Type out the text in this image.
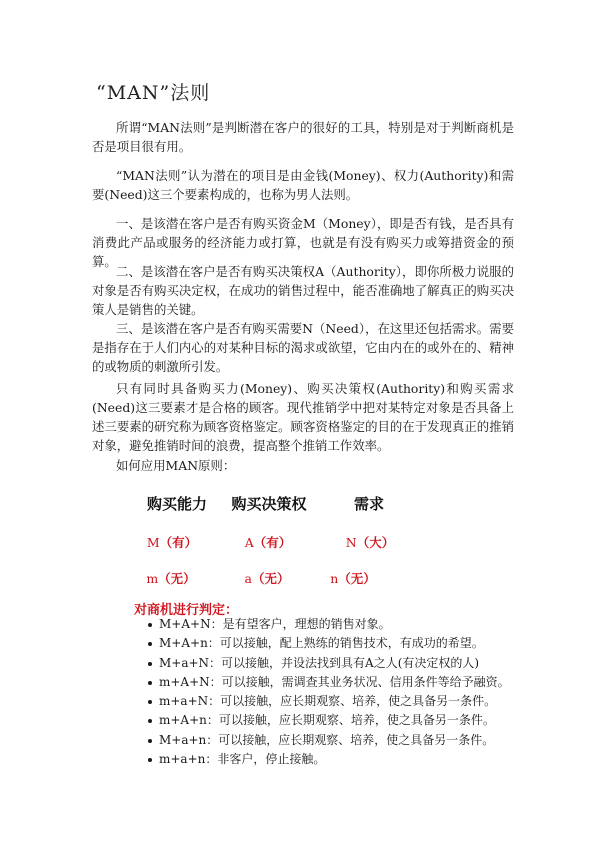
“MAN”法则

所谓“MAN法则”是判断潜在客户的很好的工具，特别是对于判断商机是否是项目很有用。

“MAN法则”认为潜在的项目是由金钱(Money)、权力(Authority)和需要(Need)这三个要素构成的，也称为男人法则。

一、是该潜在客户是否有购买资金M（Money），即是否有钱，是否具有消费此产品或服务的经济能力或打算，也就是有没有购买力或筹措资金的预算。

二、是该潜在客户是否有购买决策权A（Authority），即你所极力说服的对象是否有购买决定权，在成功的销售过程中，能否准确地了解真正的购买决策人是销售的关键。

三、是该潜在客户是否有购买需要N（Need），在这里还包括需求。需要是指存在于人们内心的对某种目标的渴求或欲望，它由内在的或外在的、精神的或物质的刺激所引发。

只有同时具备购买力(Money)、购买决策权(Authority)和购买需求(Need)这三要素才是合格的顾客。现代推销学中把对某特定对象是否具备上述三要素的研究称为顾客资格鉴定。顾客资格鉴定的目的在于发现真正的推销对象，避免推销时间的浪费，提高整个推销工作效率。

如何应用MAN原则：

购买能力 购买决策权	需求
M（有）	A（有）	N（大）
m（无）	a（无）	n（无）
对商机进行判定：
M+A+N：是有望客户，理想的销售对象。
M+A+n：可以接触，配上熟练的销售技术，有成功的希望。
M+a+N：可以接触，并设法找到具有A之人(有决定权的人)
m+A+N：可以接触，需调查其业务状况、信用条件等给予融资。
m+a+N：可以接触，应长期观察、培养，使之具备另一条件。
m+A+n：可以接触，应长期观察、培养，使之具备另一条件。
M+a+n：可以接触，应长期观察、培养，使之具备另一条件。
m+a+n：非客户，停止接触。
